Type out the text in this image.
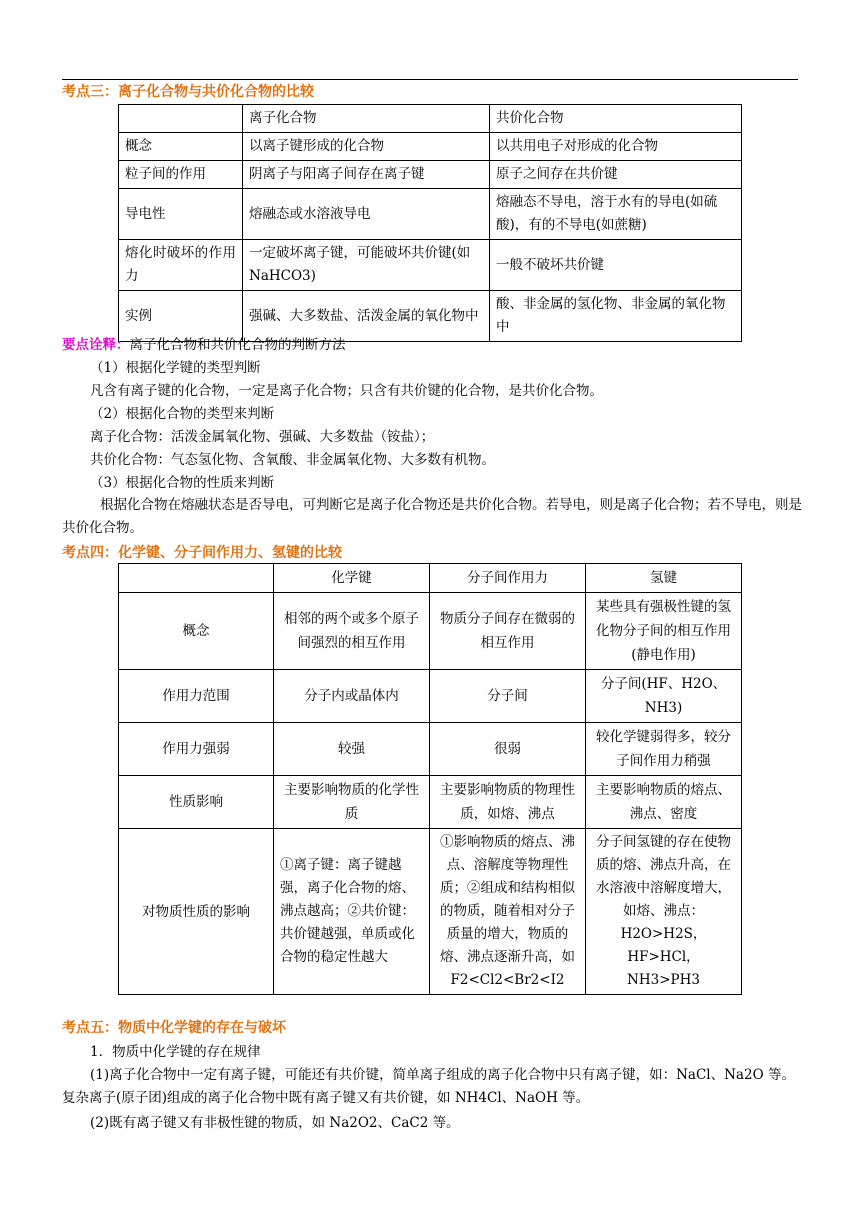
考点三：离子化合物与共价化合物的比较
	离子化合物	共价化合物
概念	以离子键形成的化合物	以共用电子对形成的化合物
粒子间的作用	阴离子与阳离子间存在离子键	原子之间存在共价键
导电性	熔融态或水溶液导电	熔融态不导电，溶于水有的导电(如硫酸)，有的不导电(如蔗糖)
熔化时破坏的作用力	一定破坏离子键，可能破坏共价键(如 NaHCO3)	一般不破坏共价键
实例	强碱、大多数盐、活泼金属的氧化物中	酸、非金属的氢化物、非金属的氧化物中
要点诠释：离子化合物和共价化合物的判断方法
（1）根据化学键的类型判断
凡含有离子键的化合物，一定是离子化合物；只含有共价键的化合物，是共价化合物。
（2）根据化合物的类型来判断
离子化合物：活泼金属氧化物、强碱、大多数盐（铵盐）；
共价化合物：气态氢化物、含氧酸、非金属氧化物、大多数有机物。
（3）根据化合物的性质来判断
根据化合物在熔融状态是否导电，可判断它是离子化合物还是共价化合物。若导电，则是离子化合物；若不导电，则是共价化合物。
考点四：化学键、分子间作用力、氢键的比较
	化学键	分子间作用力	氢键
概念	相邻的两个或多个原子间强烈的相互作用	物质分子间存在微弱的相互作用	某些具有强极性键的氢化物分子间的相互作用(静电作用)
作用力范围	分子内或晶体内	分子间	分子间(HF、H2O、NH3)
作用力强弱	较强	很弱	较化学键弱得多，较分子间作用力稍强
性质影响	主要影响物质的化学性质	主要影响物质的物理性质，如熔、沸点	主要影响物质的熔点、沸点、密度
对物质性质的影响	①离子键：离子键越强，离子化合物的熔、沸点越高；②共价键：共价键越强，单质或化合物的稳定性越大	①影响物质的熔点、沸点、溶解度等物理性质；②组成和结构相似的物质，随着相对分子质量的增大，物质的熔、沸点逐渐升高，如F2<Cl2<Br2<I2	分子间氢键的存在使物质的熔、沸点升高，在水溶液中溶解度增大，如熔、沸点：H2O>H2S，HF>HCl，NH3>PH3
考点五：物质中化学键的存在与破坏
1．物质中化学键的存在规律
(1)离子化合物中一定有离子键，可能还有共价键，简单离子组成的离子化合物中只有离子键，如：NaCl、Na2O 等。复杂离子(原子团)组成的离子化合物中既有离子键又有共价键，如 NH4Cl、NaOH 等。
(2)既有离子键又有非极性键的物质，如 Na2O2、CaC2 等。
